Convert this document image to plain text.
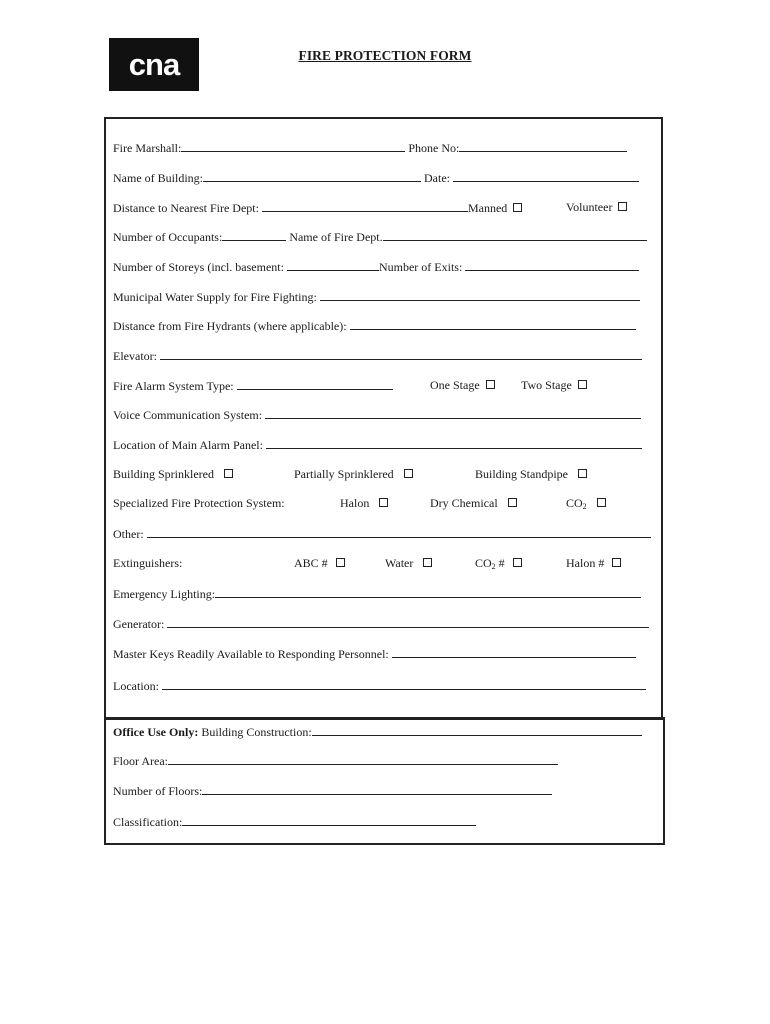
cna	FIRE PROTECTION FORM
Fire Marshall:	Phone No:
Name of Building:	Date:
Distance to Nearest Fire Dept:	Manned	Volunteer
Number of Occupants:	Name of Fire Dept.
Number of Storeys (incl. basement:	Number of Exits:
Municipal Water Supply for Fire Fighting:
Distance from Fire Hydrants (where applicable):
Elevator:
Fire Alarm System Type:	One Stage	Two Stage
Voice Communication System:
Location of Main Alarm Panel:
Building Sprinklered	Partially Sprinklered	Building Standpipe
Specialized Fire Protection System:	Halon	Dry Chemical	$CO_2$
Other:
Extinguishers:	ABC #	Water	$CO_2$ #	Halon #
Emergency Lighting:
Generator:
Master Keys Readily Available to Responding Personnel:
Location:
Office Use Only: Building Construction:
Floor Area:
Number of Floors:
Classification:
